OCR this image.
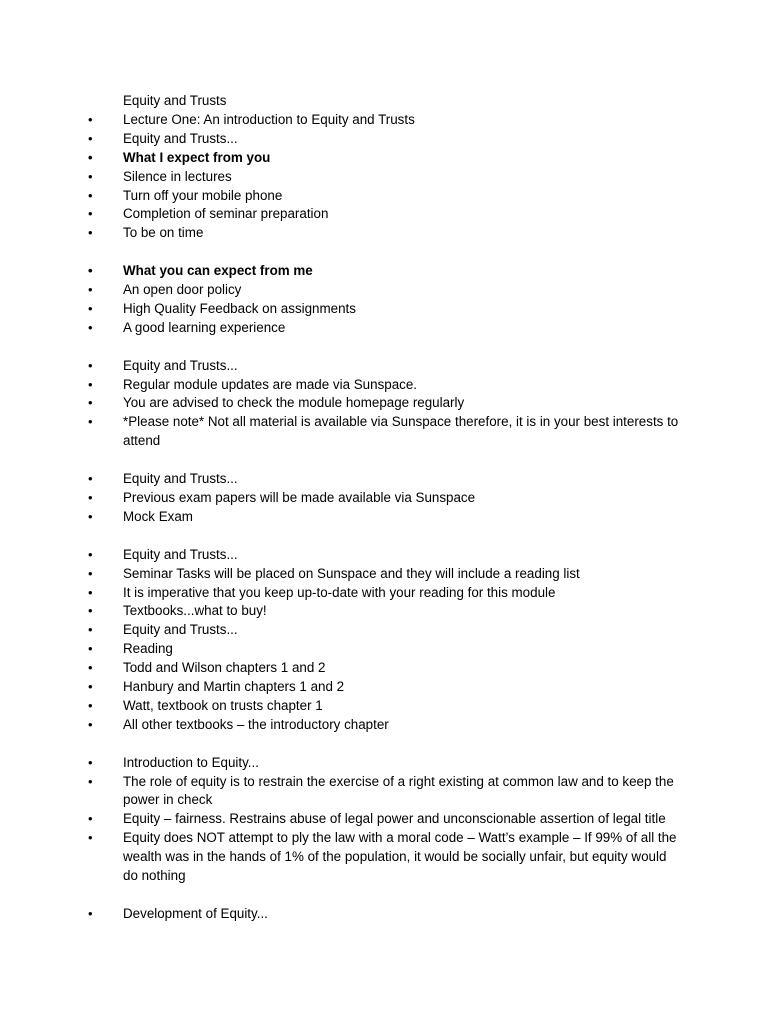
Equity and Trusts
• Lecture One: An introduction to Equity and Trusts
• Equity and Trusts...
• What I expect from you
• Silence in lectures
• Turn off your mobile phone
• Completion of seminar preparation
• To be on time
• What you can expect from me
• An open door policy
• High Quality Feedback on assignments
• A good learning experience
• Equity and Trusts...
• Regular module updates are made via Sunspace.
• You are advised to check the module homepage regularly
• *Please note* Not all material is available via Sunspace therefore, it is in your best interests to attend
• Equity and Trusts...
• Previous exam papers will be made available via Sunspace
• Mock Exam
• Equity and Trusts...
• Seminar Tasks will be placed on Sunspace and they will include a reading list
• It is imperative that you keep up-to-date with your reading for this module
• Textbooks...what to buy!
• Equity and Trusts...
• Reading
• Todd and Wilson chapters 1 and 2
• Hanbury and Martin chapters 1 and 2
• Watt, textbook on trusts chapter 1
• All other textbooks – the introductory chapter
• Introduction to Equity...
• The role of equity is to restrain the exercise of a right existing at common law and to keep the power in check
• Equity – fairness. Restrains abuse of legal power and unconscionable assertion of legal title
• Equity does NOT attempt to ply the law with a moral code – Watt’s example – If 99% of all the wealth was in the hands of 1% of the population, it would be socially unfair, but equity would do nothing
• Development of Equity...
